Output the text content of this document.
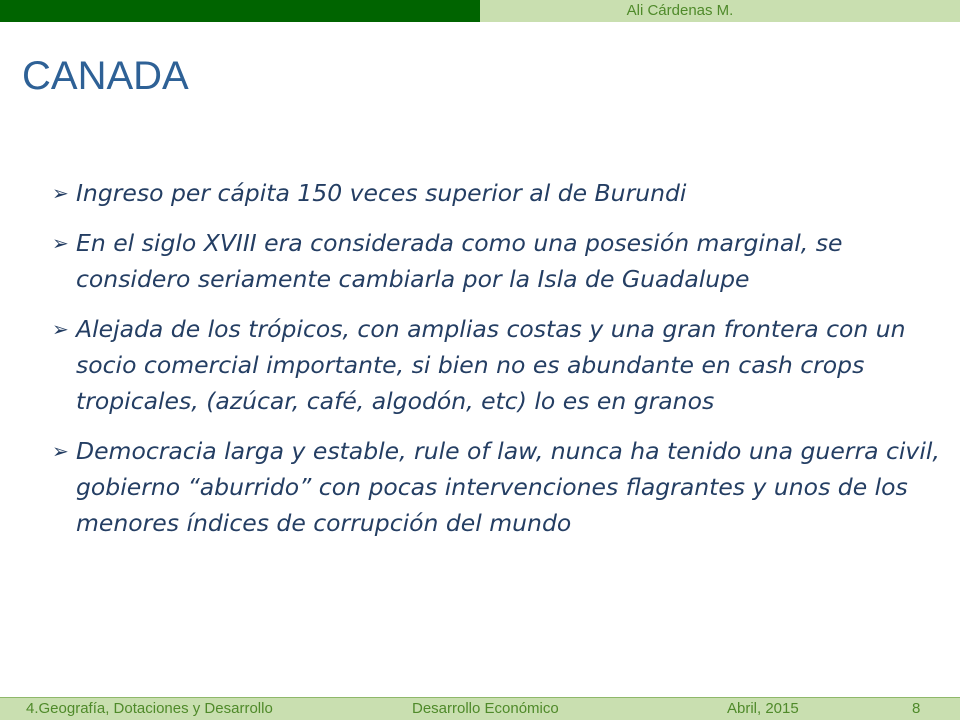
Ali Cárdenas M.
CANADA
➢ Ingreso per cápita 150 veces superior al de Burundi
➢ En el siglo XVIII era considerada como una posesión marginal, se considero seriamente cambiarla por la Isla de Guadalupe
➢ Alejada de los trópicos, con amplias costas y una gran frontera con un socio comercial importante, si bien no es abundante en cash crops tropicales, (azúcar, café, algodón, etc) lo es en granos
➢ Democracia larga y estable, rule of law, nunca ha tenido una guerra civil, gobierno “aburrido” con pocas intervenciones flagrantes y unos de los menores índices de corrupción del mundo
4.Geografía, Dotaciones y Desarrollo	Desarrollo Económico	Abril, 2015	8
